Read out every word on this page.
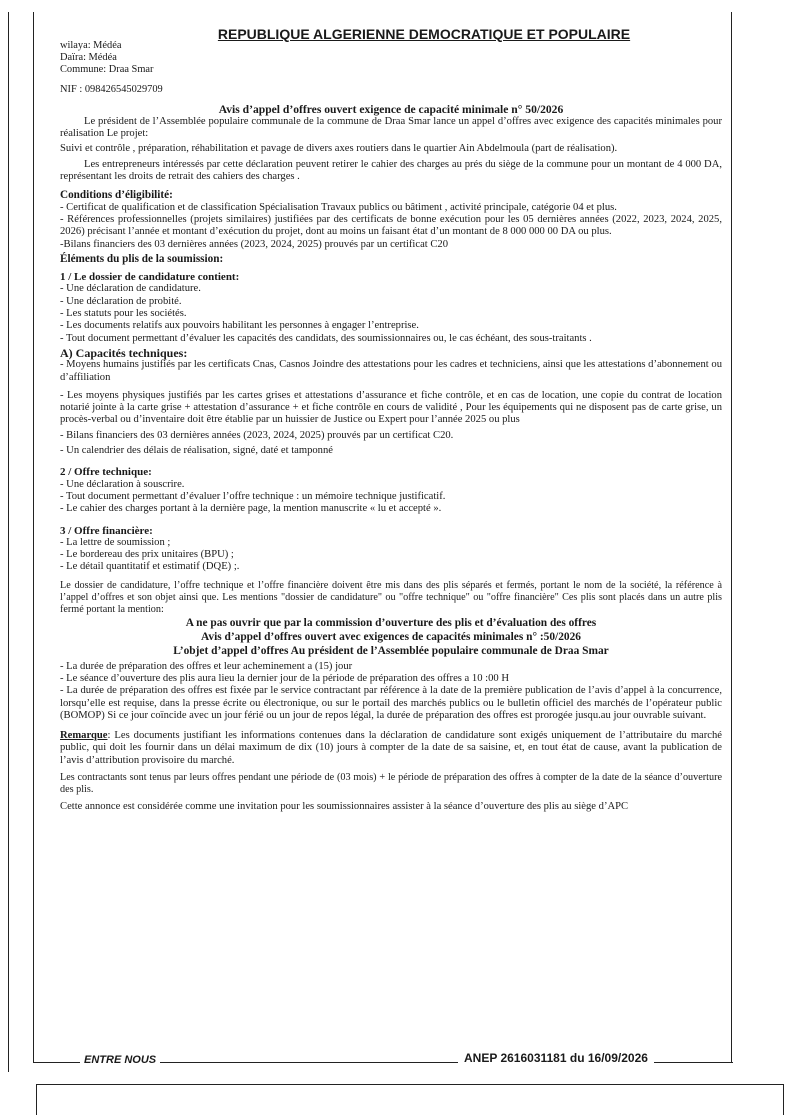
REPUBLIQUE ALGERIENNE DEMOCRATIQUE ET POPULAIRE
wilaya: Médéa
Daïra: Médéa
Commune: Draa Smar
NIF : 098426545029709
Avis d’appel d’offres ouvert exigence de capacité minimale n° 50/2026

Le président de l’Assemblée populaire communale de la commune de Draa Smar lance un appel d’offres avec exigence des capacités minimales pour réalisation Le projet:

Suivi et contrôle , préparation, réhabilitation et pavage de divers axes routiers dans le quartier Ain Abdelmoula (part de réalisation).

Les entrepreneurs intéressés par cette déclaration peuvent retirer le cahier des charges au prés du siège de la commune pour un montant de 4 000 DA, représentant les droits de retrait des cahiers des charges .

Conditions d’éligibilité:
- Certificat de qualification et de classification Spécialisation Travaux publics ou bâtiment , activité principale, catégorie 04 et plus.
- Références professionnelles (projets similaires) justifiées par des certificats de bonne exécution pour les 05 dernières années (2022, 2023, 2024, 2025, 2026) précisant l’année et montant d’exécution du projet, dont au moins un faisant état d’un montant de 8 000 000 00 DA ou plus.
-Bilans financiers des 03 dernières années (2023, 2024, 2025) prouvés par un certificat C20
Éléments du plis de la soumission:
1 / Le dossier de candidature contient:
- Une déclaration de candidature.
- Une déclaration de probité.
- Les statuts pour les sociétés.
- Les documents relatifs aux pouvoirs habilitant les personnes à engager l’entreprise.
- Tout document permettant d’évaluer les capacités des candidats, des soumissionnaires ou, le cas échéant, des sous-traitants .
A) Capacités techniques:
- Moyens humains justifiés par les certificats Cnas, Casnos Joindre des attestations pour les cadres et techniciens, ainsi que les attestations d’abonnement ou d’affiliation
- Les moyens physiques justifiés par les cartes grises et attestations d’assurance et fiche contrôle, et en cas de location, une copie du contrat de location notarié jointe à la carte grise + attestation d’assurance + et fiche contrôle en cours de validité , Pour les équipements qui ne disposent pas de carte grise, un procès-verbal ou d’inventaire doit être établie par un huissier de Justice ou Expert pour l’année 2025 ou plus
- Bilans financiers des 03 dernières années (2023, 2024, 2025) prouvés par un certificat C20.
- Un calendrier des délais de réalisation, signé, daté et tamponné
2 / Offre technique:
- Une déclaration à souscrire.
- Tout document permettant d’évaluer l’offre technique : un mémoire technique justificatif.
- Le cahier des charges portant à la dernière page, la mention manuscrite « lu et accepté ».
3 / Offre financière:
- La lettre de soumission ;
- Le bordereau des prix unitaires (BPU) ;
- Le détail quantitatif et estimatif (DQE) ;.

Le dossier de candidature, l’offre technique et l’offre financière doivent être mis dans des plis séparés et fermés, portant le nom de la société, la référence à l’appel d’offres et son objet ainsi que. Les mentions "dossier de candidature" ou "offre technique" ou "offre financière" Ces plis sont placés dans un autre plis fermé portant la mention:

A ne pas ouvrir que par la commission d’ouverture des plis et d’évaluation des offres
Avis d’appel d’offres ouvert avec exigences de capacités minimales n° :50/2026
L’objet d’appel d’offres Au président de l’Assemblée populaire communale de Draa Smar
- La durée de préparation des offres et leur acheminement a (15) jour
- Le séance d’ouverture des plis aura lieu la dernier jour de la période de préparation des offres a 10 :00 H
- La durée de préparation des offres est fixée par le service contractant par référence à la date de la première publication de l’avis d’appel à la concurrence, lorsqu’elle est requise, dans la presse écrite ou électronique, ou sur le portail des marchés publics ou le bulletin officiel des marchés de l’opérateur public (BOMOP) Si ce jour coïncide avec un jour férié ou un jour de repos légal, la durée de préparation des offres est prorogée jusqu.au jour ouvrable suivant.

Remarque: Les documents justifiant les informations contenues dans la déclaration de candidature sont exigés uniquement de l’attributaire du marché public, qui doit les fournir dans un délai maximum de dix (10) jours à compter de la date de sa saisine, et, en tout état de cause, avant la publication de l’avis d’attribution provisoire du marché.

Les contractants sont tenus par leurs offres pendant une période de (03 mois) + le période de préparation des offres à compter de la date de la séance d’ouverture des plis.

Cette annonce est considérée comme une invitation pour les soumissionnaires assister à la séance d’ouverture des plis au siège d’APC

ENTRE NOUS	ANEP 2616031181 du 16/09/2026
